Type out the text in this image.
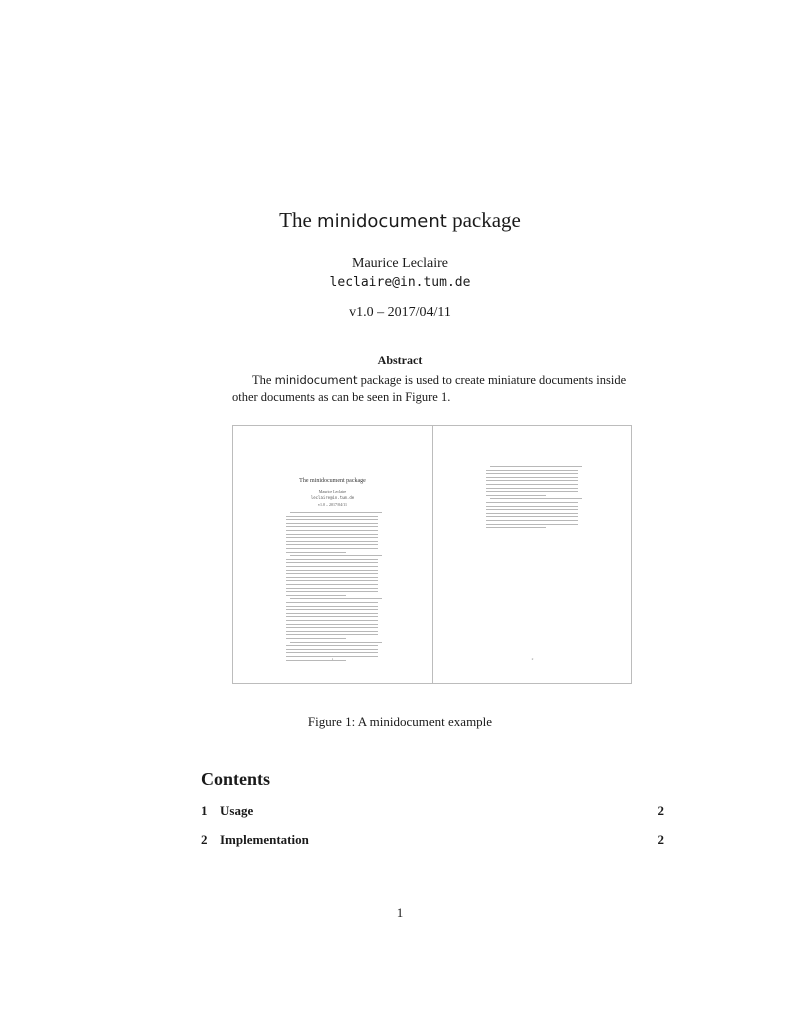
The minidocument package
Maurice Leclaire
leclaire@in.tum.de
v1.0 – 2017/04/11
Abstract
The minidocument package is used to create miniature documents inside other documents as can be seen in Figure 1.
The minidocument package
Maurice Leclaire
leclaire@in.tum.de
v1.0 – 2017/04/11
1	2
Figure 1: A minidocument example
Contents
1 Usage	2
2 Implementation	2
1
